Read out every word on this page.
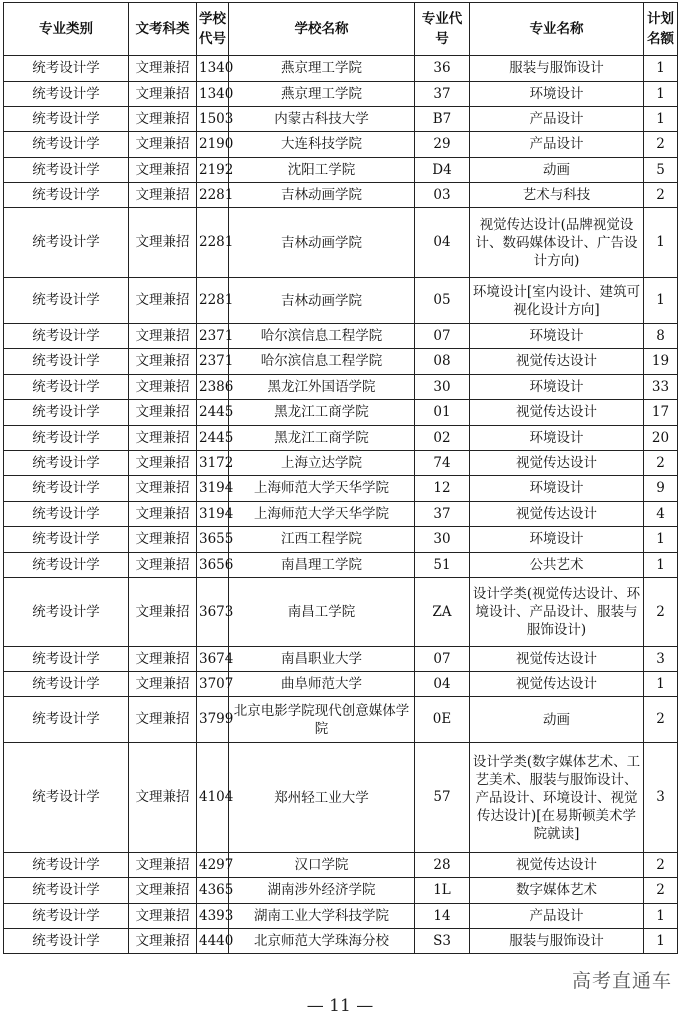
专业类别	文考科类	学校代号	学校名称	专业代号	专业名称	计划名额
统考设计学	文理兼招	1340	燕京理工学院	36	服装与服饰设计	1
统考设计学	文理兼招	1340	燕京理工学院	37	环境设计	1
统考设计学	文理兼招	1503	内蒙古科技大学	B7	产品设计	1
统考设计学	文理兼招	2190	大连科技学院	29	产品设计	2
统考设计学	文理兼招	2192	沈阳工学院	D4	动画	5
统考设计学	文理兼招	2281	吉林动画学院	03	艺术与科技	2
统考设计学	文理兼招	2281	吉林动画学院	04	视觉传达设计(品牌视觉设计、数码媒体设计、广告设计方向)	1
统考设计学	文理兼招	2281	吉林动画学院	05	环境设计[室内设计、建筑可视化设计方向]	1
统考设计学	文理兼招	2371	哈尔滨信息工程学院	07	环境设计	8
统考设计学	文理兼招	2371	哈尔滨信息工程学院	08	视觉传达设计	19
统考设计学	文理兼招	2386	黑龙江外国语学院	30	环境设计	33
统考设计学	文理兼招	2445	黑龙江工商学院	01	视觉传达设计	17
统考设计学	文理兼招	2445	黑龙江工商学院	02	环境设计	20
统考设计学	文理兼招	3172	上海立达学院	74	视觉传达设计	2
统考设计学	文理兼招	3194	上海师范大学天华学院	12	环境设计	9
统考设计学	文理兼招	3194	上海师范大学天华学院	37	视觉传达设计	4
统考设计学	文理兼招	3655	江西工程学院	30	环境设计	1
统考设计学	文理兼招	3656	南昌理工学院	51	公共艺术	1
统考设计学	文理兼招	3673	南昌工学院	ZA	设计学类(视觉传达设计、环境设计、产品设计、服装与服饰设计)	2
统考设计学	文理兼招	3674	南昌职业大学	07	视觉传达设计	3
统考设计学	文理兼招	3707	曲阜师范大学	04	视觉传达设计	1
统考设计学	文理兼招	3799	北京电影学院现代创意媒体学院	0E	动画	2
统考设计学	文理兼招	4104	郑州轻工业大学	57	设计学类(数字媒体艺术、工艺美术、服装与服饰设计、产品设计、环境设计、视觉传达设计)[在易斯顿美术学院就读]	3
统考设计学	文理兼招	4297	汉口学院	28	视觉传达设计	2
统考设计学	文理兼招	4365	湖南涉外经济学院	1L	数字媒体艺术	2
统考设计学	文理兼招	4393	湖南工业大学科技学院	14	产品设计	1
统考设计学	文理兼招	4440	北京师范大学珠海分校	S3	服装与服饰设计	1
高考直通车
— 11 —
